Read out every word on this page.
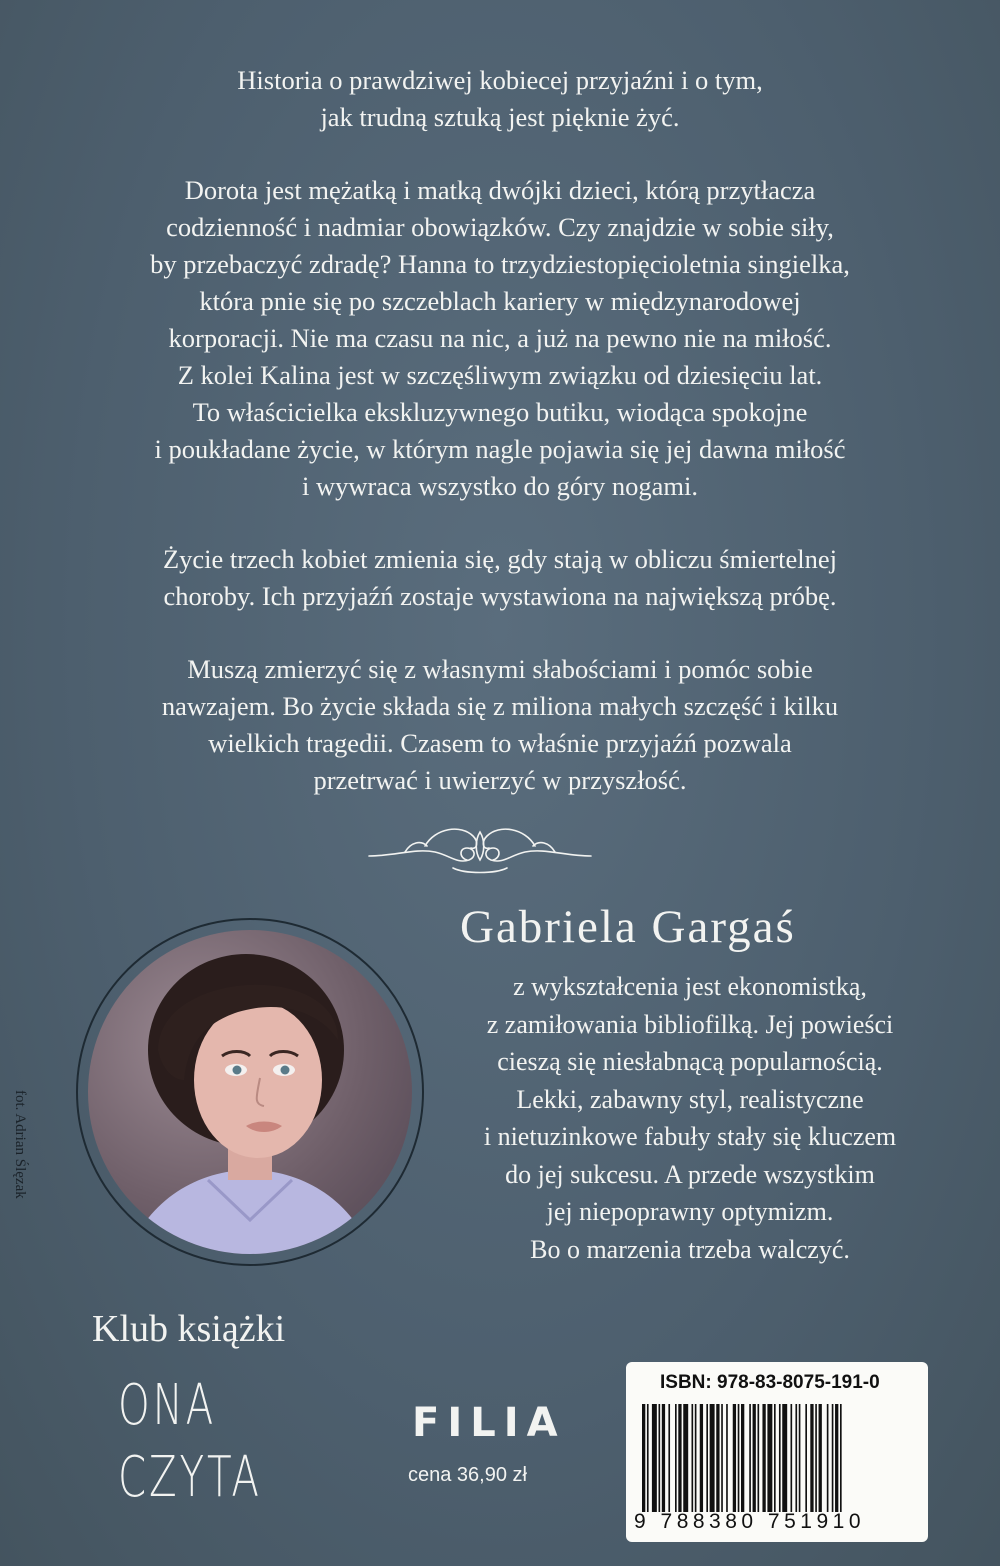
Historia o prawdziwej kobiecej przyjaźni i o tym,
jak trudną sztuką jest pięknie żyć.

Dorota jest mężatką i matką dwójki dzieci, którą przytłacza
codzienność i nadmiar obowiązków. Czy znajdzie w sobie siły,
by przebaczyć zdradę? Hanna to trzydziestopięcioletnia singielka,
która pnie się po szczeblach kariery w międzynarodowej
korporacji. Nie ma czasu na nic, a już na pewno nie na miłość.
Z kolei Kalina jest w szczęśliwym związku od dziesięciu lat.
To właścicielka ekskluzywnego butiku, wiodąca spokojne
i poukładane życie, w którym nagle pojawia się jej dawna miłość
i wywraca wszystko do góry nogami.

Życie trzech kobiet zmienia się, gdy stają w obliczu śmiertelnej
choroby. Ich przyjaźń zostaje wystawiona na największą próbę.

Muszą zmierzyć się z własnymi słabościami i pomóc sobie
nawzajem. Bo życie składa się z miliona małych szczęść i kilku
wielkich tragedii. Czasem to właśnie przyjaźń pozwala
przetrwać i uwierzyć w przyszłość.

Gabriela Gargaś
z wykształcenia jest ekonomistką,
z zamiłowania bibliofilką. Jej powieści
cieszą się niesłabnącą popularnością.
Lekki, zabawny styl, realistyczne
i nietuzinkowe fabuły stały się kluczem
do jej sukcesu. A przede wszystkim
jej niepoprawny optymizm.
Bo o marzenia trzeba walczyć.
fot. Adrian Ślęzak
Klub książki
ONA
CZYTA
FILIA
cena 36,90 zł
ISBN: 978-83-8075-191-0
9 788380 751910
